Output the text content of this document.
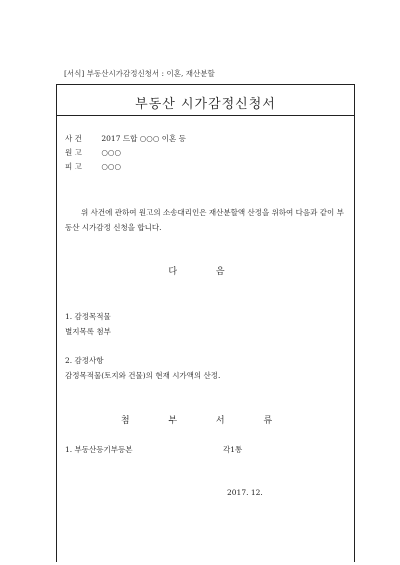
[서식] 부동산시가감정신청서 : 이혼, 재산분할
부동산 시가감정신청서
사 건	2017 드합 ○○○ 이혼 등
원 고	○○○
피 고	○○○
위 사건에 관하여 원고의 소송대리인은 재산분할액 산정을 위하여 다음과 같이 부동산 시가감정 신청을 합니다.
다 음
1. 감정목적물
별지목록 첨부
2. 감정사항
감정목적물(토지와 건물)의 현재 시가액의 산정.
첨 부 서 류
1. 부동산등기부등본	각1통
2017. 12.
